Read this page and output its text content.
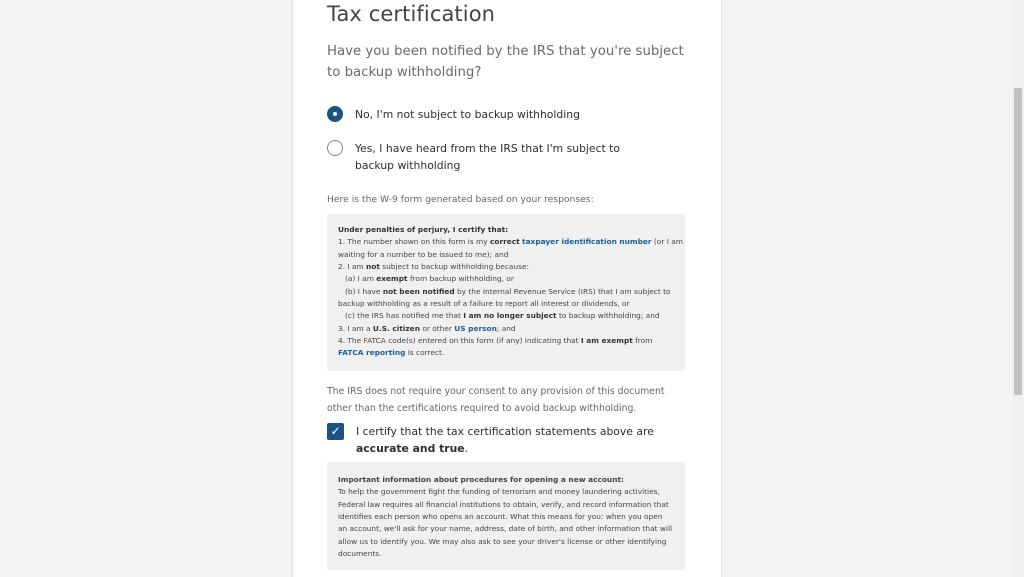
Tax certification
Have you been notified by the IRS that you're subject to backup withholding?
No, I'm not subject to backup withholding
Yes, I have heard from the IRS that I'm subject to backup withholding
Here is the W-9 form generated based on your responses:

Under penalties of perjury, I certify that:

1. The number shown on this form is my correct taxpayer identification number (or I am

waiting for a number to be issued to me); and

2. I am not subject to backup withholding because:

(a) I am exempt from backup withholding, or

(b) I have not been notified by the Internal Revenue Service (IRS) that I am subject to

backup withholding as a result of a failure to report all interest or dividends, or

(c) the IRS has notified me that I am no longer subject to backup withholding; and

3. I am a U.S. citizen or other US person; and

4. The FATCA code(s) entered on this form (if any) indicating that I am exempt from

FATCA reporting is correct.

The IRS does not require your consent to any provision of this document other than the certifications required to avoid backup withholding.
✓	I certify that the tax certification statements above are accurate and true.

Important information about procedures for opening a new account:

To help the government fight the funding of terrorism and money laundering activities, Federal law requires all financial institutions to obtain, verify, and record information that identifies each person who opens an account. What this means for you: when you open an account, we'll ask for your name, address, date of birth, and other information that will allow us to identify you. We may also ask to see your driver's license or other identifying documents.
